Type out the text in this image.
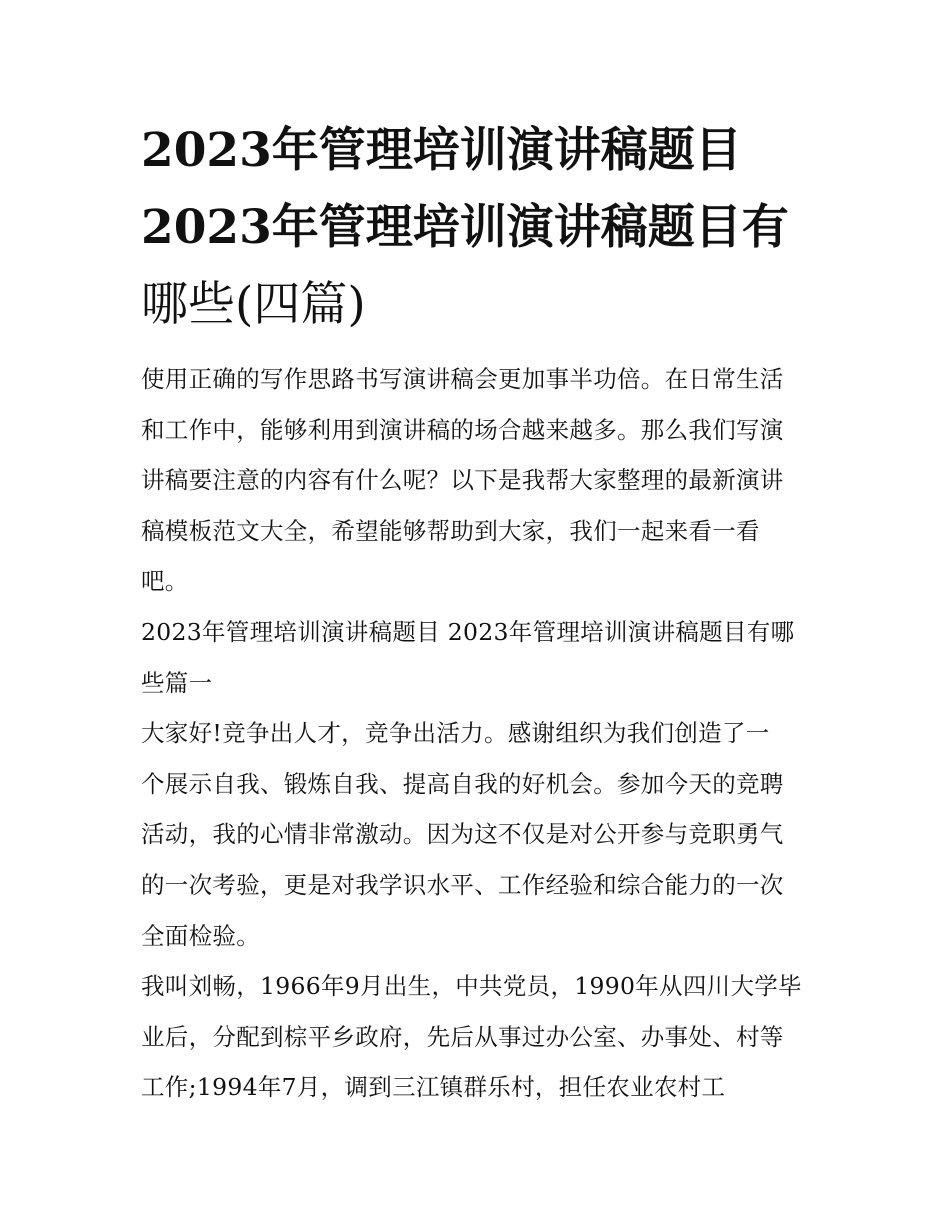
2023年管理培训演讲稿题目
2023年管理培训演讲稿题目有
哪些(四篇)
使用正确的写作思路书写演讲稿会更加事半功倍。在日常生活
和工作中，能够利用到演讲稿的场合越来越多。那么我们写演
讲稿要注意的内容有什么呢？以下是我帮大家整理的最新演讲
稿模板范文大全，希望能够帮助到大家，我们一起来看一看
吧。
2023年管理培训演讲稿题目 2023年管理培训演讲稿题目有哪
些篇一
大家好!竞争出人才，竞争出活力。感谢组织为我们创造了一
个展示自我、锻炼自我、提高自我的好机会。参加今天的竞聘
活动，我的心情非常激动。因为这不仅是对公开参与竞职勇气
的一次考验，更是对我学识水平、工作经验和综合能力的一次
全面检验。
我叫刘畅，1966年9月出生，中共党员，1990年从四川大学毕
业后，分配到棕平乡政府，先后从事过办公室、办事处、村等
工作;1994年7月，调到三江镇群乐村，担任农业农村工
